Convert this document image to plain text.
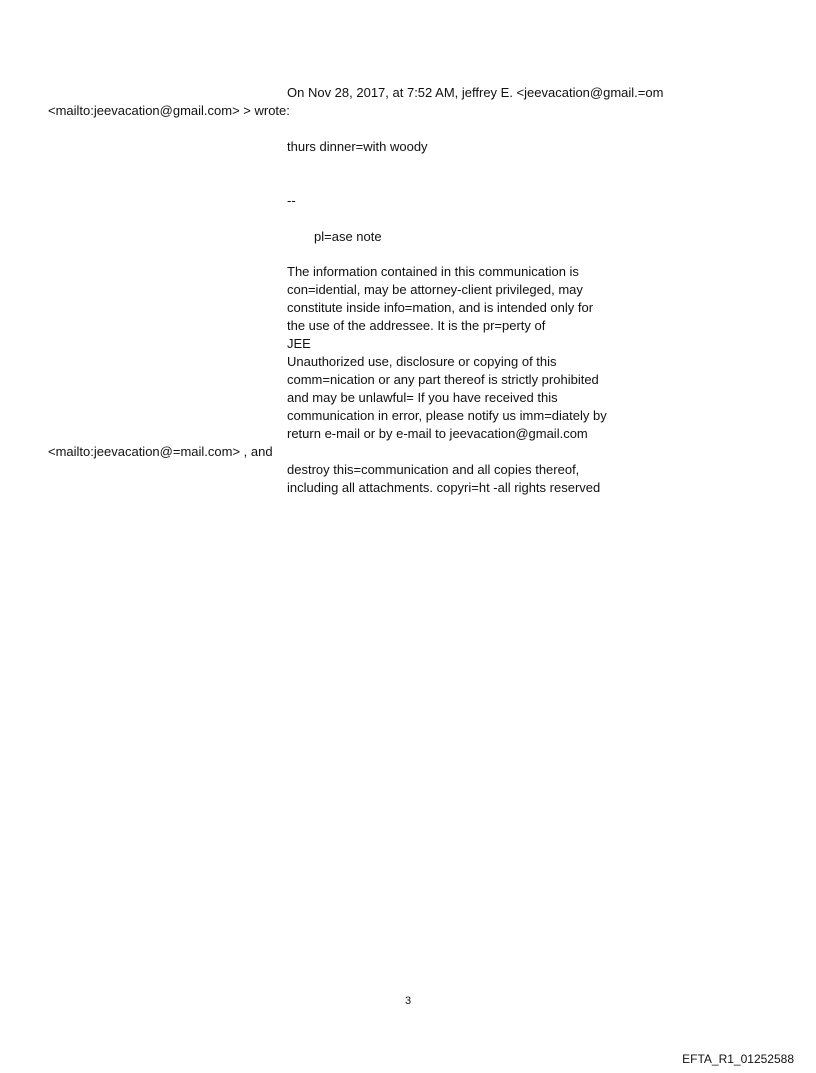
On Nov 28, 2017, at 7:52 AM, jeffrey E. <jeevacation@gmail.=om
<mailto:jeevacation@gmail.com> > wrote:
thurs dinner=with woody
--
pl=ase note
The information contained in this communication is
con=idential, may be attorney-client privileged, may
constitute inside info=mation, and is intended only for
the use of the addressee. It is the pr=perty of
JEE
Unauthorized use, disclosure or copying of this
comm=nication or any part thereof is strictly prohibited
and may be unlawful= If you have received this
communication in error, please notify us imm=diately by
return e-mail or by e-mail to jeevacation@gmail.com
<mailto:jeevacation@=mail.com> , and
destroy this=communication and all copies thereof,
including all attachments. copyri=ht -all rights reserved
3
EFTA_R1_01252588
